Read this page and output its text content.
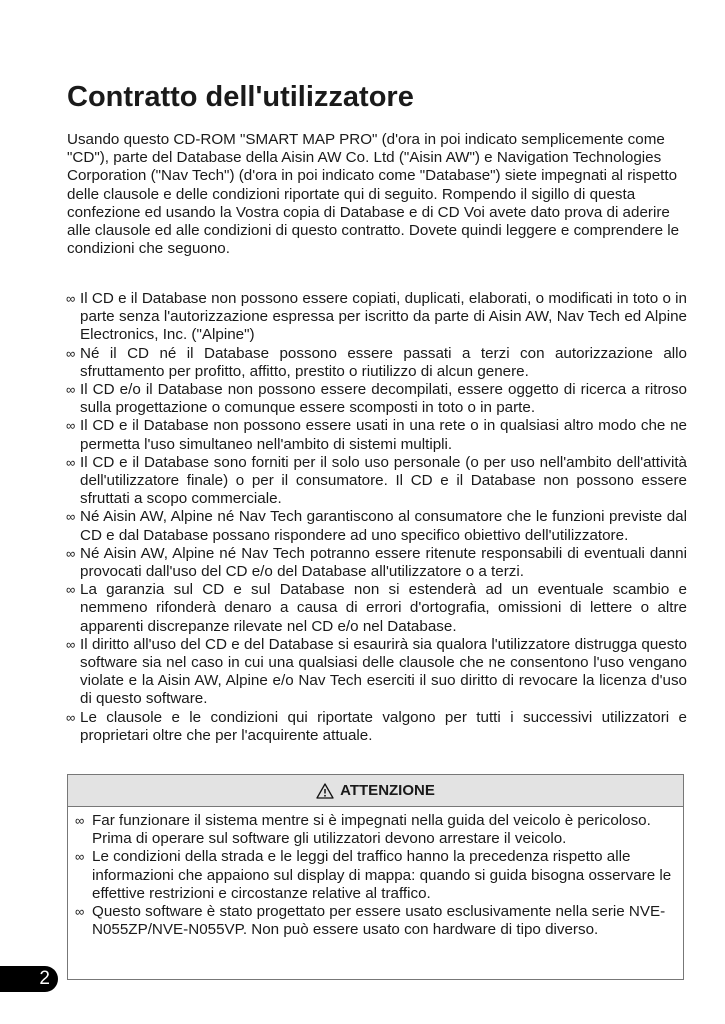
Contratto dell'utilizzatore

Usando questo CD-ROM "SMART MAP PRO" (d'ora in poi indicato semplicemente come "CD"), parte del Database della Aisin AW Co. Ltd ("Aisin AW") e Navigation Technologies Corporation ("Nav Tech") (d'ora in poi indicato come "Database") siete impegnati al rispetto delle clausole e delle condizioni riportate qui di seguito. Rompendo il sigillo di questa confezione ed usando la Vostra copia di Database e di CD Voi avete dato prova di aderire alle clausole ed alle condizioni di questo contratto. Dovete quindi leggere e comprendere le condizioni che seguono.

∞ Il CD e il Database non possono essere copiati, duplicati, elaborati, o modificati in toto o in parte senza l'autorizzazione espressa per iscritto da parte di Aisin AW, Nav Tech ed Alpine Electronics, Inc. ("Alpine")
∞ Né il CD né il Database possono essere passati a terzi con autorizzazione allo sfruttamento per profitto, affitto, prestito o riutilizzo di alcun genere.
∞ Il CD e/o il Database non possono essere decompilati, essere oggetto di ricerca a ritroso sulla progettazione o comunque essere scomposti in toto o in parte.
∞ Il CD e il Database non possono essere usati in una rete o in qualsiasi altro modo che ne permetta l'uso simultaneo nell'ambito di sistemi multipli.
∞ Il CD e il Database sono forniti per il solo uso personale (o per uso nell'ambito dell'attività dell'utilizzatore finale) o per il consumatore. Il CD e il Database non possono essere sfruttati a scopo commerciale.
∞ Né Aisin AW, Alpine né Nav Tech garantiscono al consumatore che le funzioni previste dal CD e dal Database possano rispondere ad uno specifico obiettivo dell'utilizzatore.
∞ Né Aisin AW, Alpine né Nav Tech potranno essere ritenute responsabili di eventuali danni provocati dall'uso del CD e/o del Database all'utilizzatore o a terzi.
∞ La garanzia sul CD e sul Database non si estenderà ad un eventuale scambio e nemmeno rifonderà denaro a causa di errori d'ortografia, omissioni di lettere o altre apparenti discrepanze rilevate nel CD e/o nel Database.
∞ Il diritto all'uso del CD e del Database si esaurirà sia qualora l'utilizzatore distrugga questo software sia nel caso in cui una qualsiasi delle clausole che ne consentono l'uso vengano violate e la Aisin AW, Alpine e/o Nav Tech eserciti il suo diritto di revocare la licenza d'uso di questo software.
∞ Le clausole e le condizioni qui riportate valgono per tutti i successivi utilizzatori e proprietari oltre che per l'acquirente attuale.
ATTENZIONE
∞ Far funzionare il sistema mentre si è impegnati nella guida del veicolo è pericoloso. Prima di operare sul software gli utilizzatori devono arrestare il veicolo.
∞ Le condizioni della strada e le leggi del traffico hanno la precedenza rispetto alle informazioni che appaiono sul display di mappa: quando si guida bisogna osservare le effettive restrizioni e circostanze relative al traffico.
∞ Questo software è stato progettato per essere usato esclusivamente nella serie NVE-N055ZP/NVE-N055VP. Non può essere usato con hardware di tipo diverso.
2
